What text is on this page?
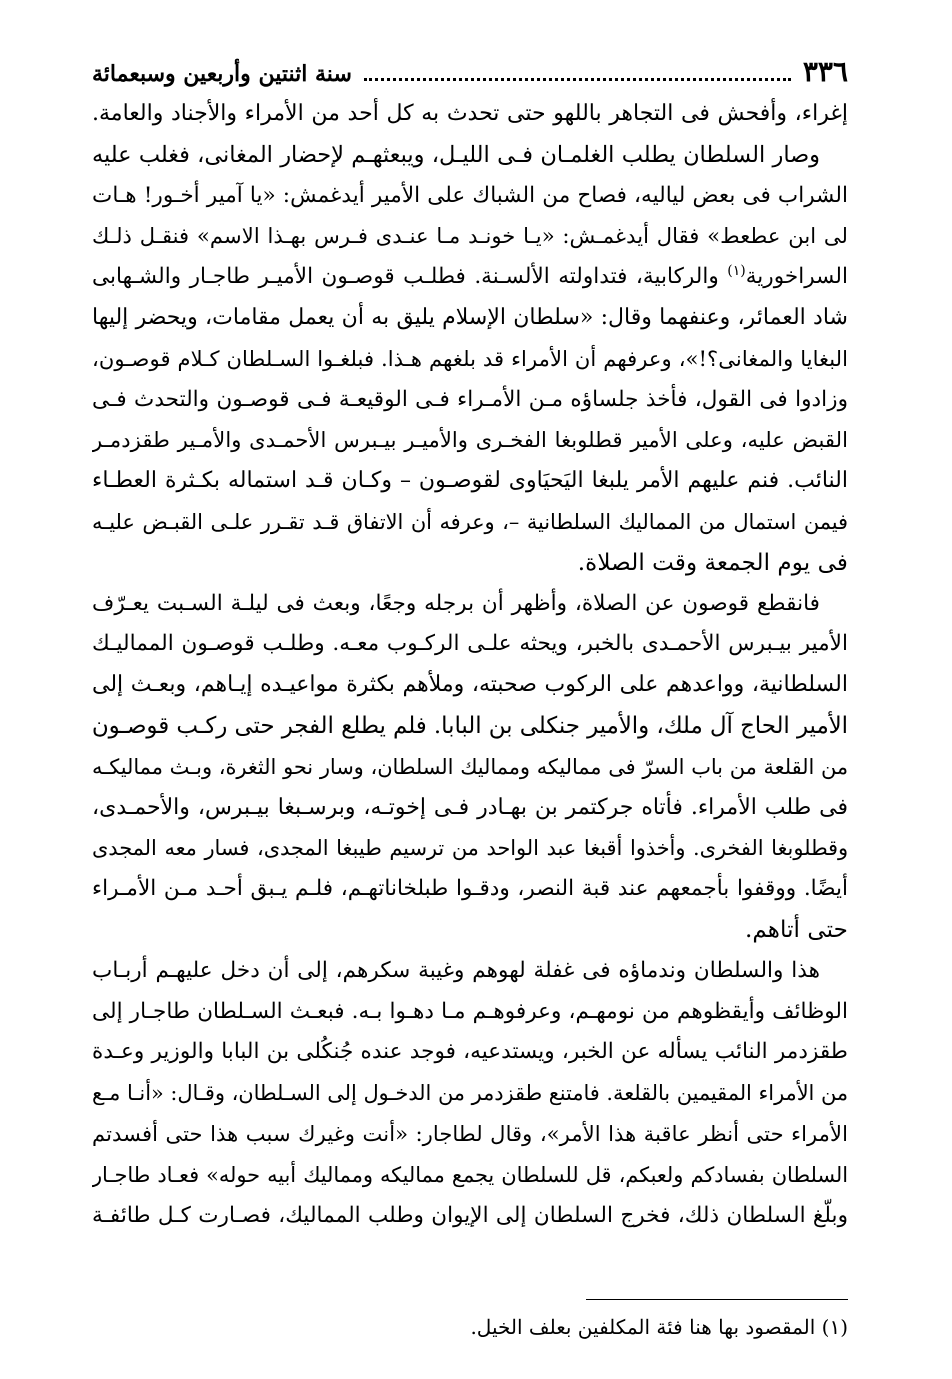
٣٣٦
سنة اثنتين وأربعين وسبعمائة
إغراء، وأفحش فى التجاهر باللهو حتى تحدث به كل أحد من الأمراء والأجناد والعامة.
وصار السلطان يطلب الغلمـان فـى الليـل، ويبعثهـم لإحضار المغانى، فغلب عليه
الشراب فى بعض لياليه، فصاح من الشباك على الأمير أيدغمش: «يا آمير أخـور! هـات
لى ابن عطعط» فقال أيدغمـش: «يـا خونـد مـا عنـدى فـرس بهـذا الاسم» فنقـل ذلـك
السراخورية$^{(١)}$ والركابية، فتداولته الألسـنة. فطلـب قوصـون الأميـر طاجـار والشـهابى
شاد العمائر، وعنفهما وقال: «سلطان الإسلام يليق به أن يعمل مقامات، ويحضر إليها
البغايا والمغانى؟!»، وعرفهم أن الأمراء قد بلغهم هـذا. فبلغـوا السـلطان كـلام قوصـون،
وزادوا فى القول، فأخذ جلساؤه مـن الأمـراء فـى الوقيعـة فـى قوصـون والتحدث فـى
القبض عليه، وعلى الأمير قطلوبغا الفخـرى والأميـر بيـبرس الأحمـدى والأمـير طقزدمـر
النائب. فنم عليهم الأمر يلبغا اليَحيَاوى لقوصـون – وكـان قـد استماله بكـثرة العطـاء
فيمن استمال من المماليك السلطانية –، وعرفه أن الاتفاق قـد تقـرر علـى القبـض عليـه
فى يوم الجمعة وقت الصلاة.
فانقطع قوصون عن الصلاة، وأظهر أن برجله وجعًا، وبعث فى ليلـة السـبت يعـرّف
الأمير بيـبرس الأحمـدى بالخبر، ويحثه علـى الركـوب معـه. وطلـب قوصـون المماليـك
السلطانية، وواعدهم على الركوب صحبته، وملأهم بكثرة مواعيـده إيـاهم، وبعـث إلى
الأمير الحاج آل ملك، والأمير جنكلى بن البابا. فلم يطلع الفجر حتى ركـب قوصـون
من القلعة من باب السرّ فى مماليكه ومماليك السلطان، وسار نحو الثغرة، وبـث مماليكـه
فى طلب الأمراء. فأتاه جركتمر بن بهـادر فـى إخوتـه، وبرسـبغا بيـبرس، والأحمـدى،
وقطلوبغا الفخرى. وأخذوا أقبغا عبد الواحد من ترسيم طيبغا المجدى، فسار معه المجدى
أيضًا. ووقفوا بأجمعهم عند قبة النصر، ودقـوا طبلخاناتهـم، فلـم يـبق أحـد مـن الأمـراء
حتى أتاهم.
هذا والسلطان وندماؤه فى غفلة لهوهم وغيبة سكرهم، إلى أن دخل عليهـم أربـاب
الوظائف وأيقظوهم من نومهـم، وعرفوهـم مـا دهـوا بـه. فبعـث السـلطان طاجـار إلى
طقزدمر النائب يسأله عن الخبر، ويستدعيه، فوجد عنده جُنكُلى بن البابا والوزير وعـدة
من الأمراء المقيمين بالقلعة. فامتنع طقزدمر من الدخـول إلى السـلطان، وقـال: «أنـا مـع
الأمراء حتى أنظر عاقبة هذا الأمر»، وقال لطاجار: «أنت وغيرك سبب هذا حتى أفسدتم
السلطان بفسادكم ولعبكم، قل للسلطان يجمع مماليكه ومماليك أبيه حوله» فعـاد طاجـار
وبلّغ السلطان ذلك، فخرج السلطان إلى الإيوان وطلب المماليك، فصـارت كـل طائفـة
(١) المقصود بها هنا فئة المكلفين بعلف الخيل.
